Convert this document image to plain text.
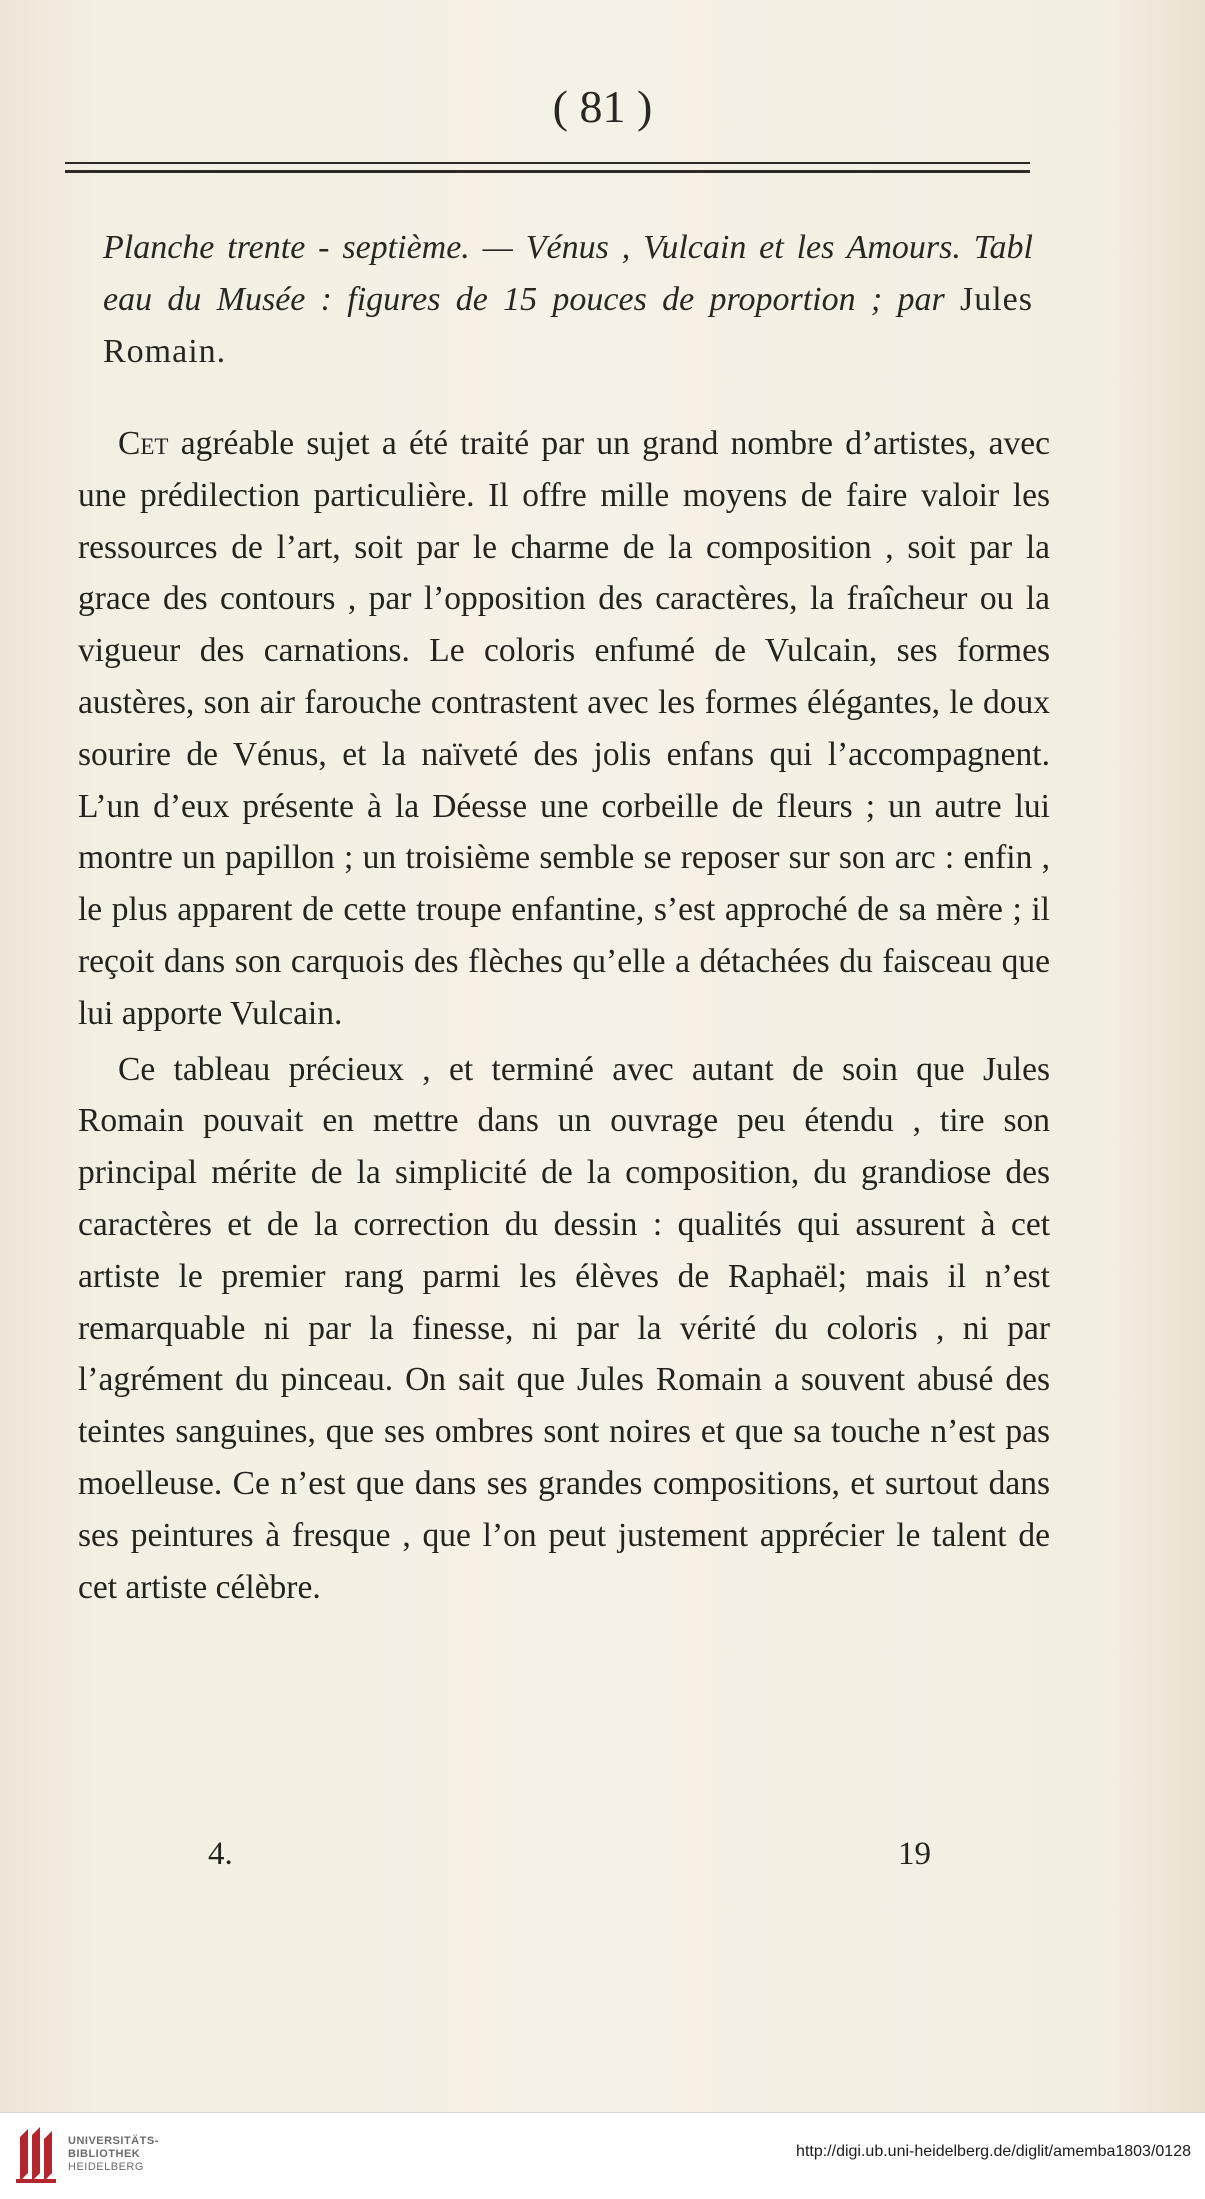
( 81 )
Planche trente - septième. — Vénus , Vulcain et les Amours. Tabl eau du Musée : figures de 15 pouces de proportion ; par Jules Romain.

Cet agréable sujet a été traité par un grand nombre d’artistes, avec une prédilection particulière. Il offre mille moyens de faire valoir les ressources de l’art, soit par le charme de la composition , soit par la grace des contours , par l’opposition des caractères, la fraîcheur ou la vigueur des carnations. Le coloris enfumé de Vulcain, ses formes austères, son air farouche contrastent avec les formes élégantes, le doux sourire de Vénus, et la naïveté des jolis enfans qui l’accompagnent. L’un d’eux présente à la Déesse une corbeille de fleurs ; un autre lui montre un papillon ; un troisième semble se reposer sur son arc : enfin , le plus apparent de cette troupe enfantine, s’est approché de sa mère ; il reçoit dans son carquois des flèches qu’elle a détachées du faisceau que lui apporte Vulcain.

Ce tableau précieux , et terminé avec autant de soin que Jules Romain pouvait en mettre dans un ouvrage peu étendu , tire son principal mérite de la simplicité de la composition, du grandiose des caractères et de la correction du dessin : qualités qui assurent à cet artiste le premier rang parmi les élèves de Raphaël; mais il n’est remarquable ni par la finesse, ni par la vérité du coloris , ni par l’agrément du pinceau. On sait que Jules Romain a souvent abusé des teintes sanguines, que ses ombres sont noires et que sa touche n’est pas moelleuse. Ce n’est que dans ses grandes compositions, et surtout dans ses peintures à fresque , que l’on peut justement apprécier le talent de cet artiste célèbre.

4.	19
UNIVERSITÄTS-
BIBLIOTHEK
HEIDELBERG
http://digi.ub.uni-heidelberg.de/diglit/amemba1803/0128
